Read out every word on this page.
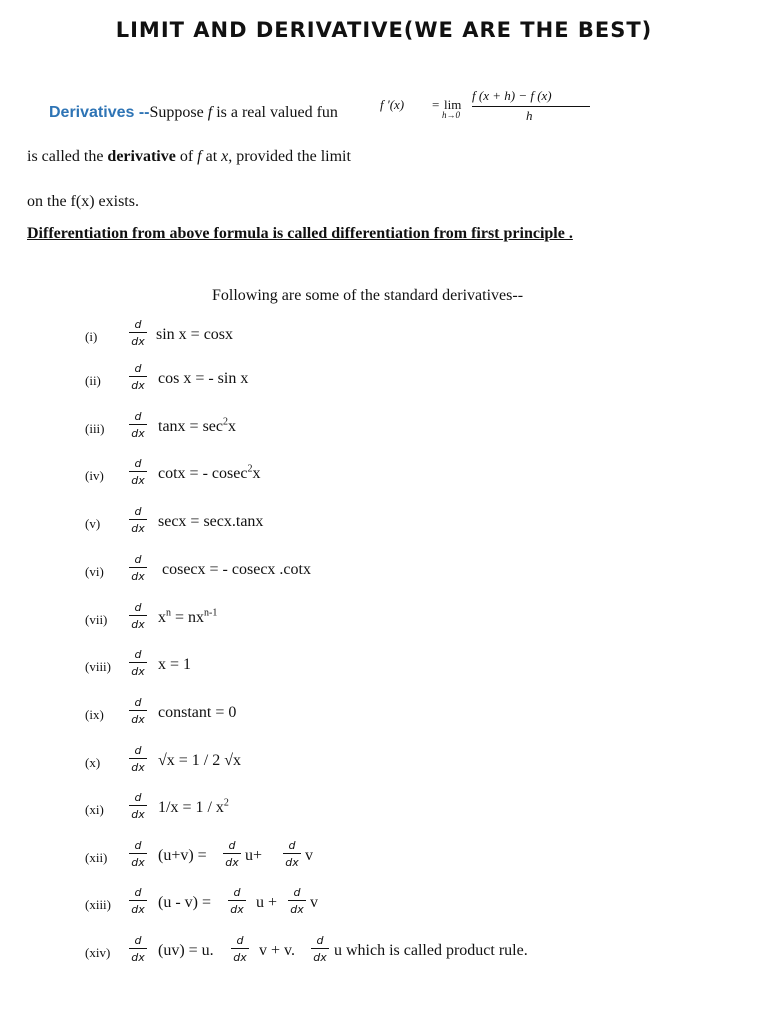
LIMIT AND DERIVATIVE(WE ARE THE BEST)
f ′(x) = lim
h→0
f (x + h) − f (x)
h
Derivatives --Suppose f is a real valued fun
is called the derivative of f at x, provided the limit
on the f(x) exists.
Differentiation from above formula is called differentiation from first principle .
Following are some of the standard derivatives--
(i)
d
dx sin x = cosx
(ii)
d
dx cos x = - sin x
(iii)
d
dx $\tan x = \sec^2x$
(iv)
d
dx cotx = - cosec$^2$x
(v)
d
dx secx = secx.tanx
(vi)
d
dx cosecx = - cosecx .cotx
(vii)
d
dx $x^n = nx^{n-1}$
(viii)
d
dx x = 1
(ix)
d
dx constant = 0
(x)
d
dx √x = 1 / 2 √x
(xi)
d
dx $1/x = 1 / x^2$
(xii)
d
dx (u+v) =
d
dx u+
d
dx v
(xiii)
d
dx (u - v) =
d
dx u +
d
dx v
(xiv)
d
dx (uv) = u.
d
dx v + v.
d
dx u which is called product rule.
